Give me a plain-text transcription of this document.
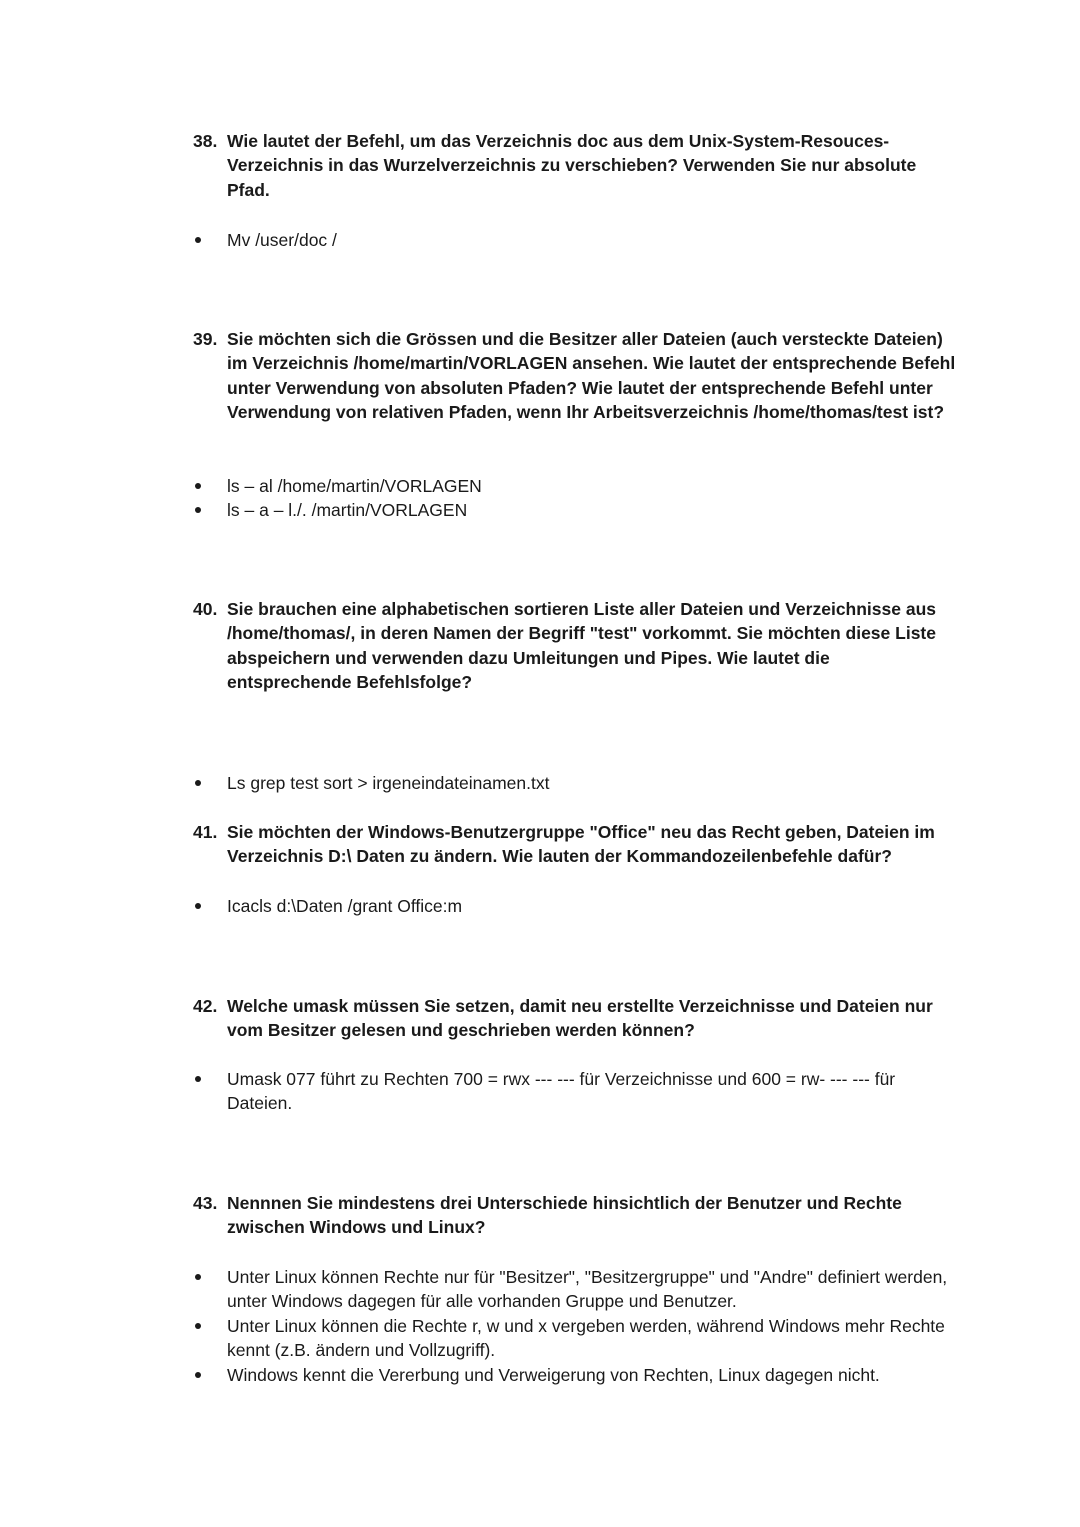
38. Wie lautet der Befehl, um das Verzeichnis doc aus dem Unix-System-Resouces-Verzeichnis in das Wurzelverzeichnis zu verschieben? Verwenden Sie nur absolute Pfad.
Mv /user/doc /
39. Sie möchten sich die Grössen und die Besitzer aller Dateien (auch versteckte Dateien) im Verzeichnis /home/martin/VORLAGEN ansehen. Wie lautet der entsprechende Befehl unter Verwendung von absoluten Pfaden? Wie lautet der entsprechende Befehl unter Verwendung von relativen Pfaden, wenn Ihr Arbeitsverzeichnis /home/thomas/test ist?
ls – al /home/martin/VORLAGEN
ls – a – l./. /martin/VORLAGEN
40. Sie brauchen eine alphabetischen sortieren Liste aller Dateien und Verzeichnisse aus /home/thomas/, in deren Namen der Begriff "test" vorkommt. Sie möchten diese Liste abspeichern und verwenden dazu Umleitungen und Pipes. Wie lautet die entsprechende Befehlsfolge?
Ls grep test sort > irgeneindateinamen.txt
41. Sie möchten der Windows-Benutzergruppe "Office" neu das Recht geben, Dateien im Verzeichnis D:\ Daten zu ändern. Wie lauten der Kommandozeilenbefehle dafür?
Icacls d:\Daten /grant Office:m
42. Welche umask müssen Sie setzen, damit neu erstellte Verzeichnisse und Dateien nur vom Besitzer gelesen und geschrieben werden können?
Umask 077 führt zu Rechten 700 = rwx --- --- für Verzeichnisse und 600 = rw- --- --- für Dateien.
43. Nennnen Sie mindestens drei Unterschiede hinsichtlich der Benutzer und Rechte zwischen Windows und Linux?
Unter Linux können Rechte nur für "Besitzer", "Besitzergruppe" und "Andre" definiert werden, unter Windows dagegen für alle vorhanden Gruppe und Benutzer.
Unter Linux können die Rechte r, w und x vergeben werden, während Windows mehr Rechte kennt (z.B. ändern und Vollzugriff).
Windows kennt die Vererbung und Verweigerung von Rechten, Linux dagegen nicht.
